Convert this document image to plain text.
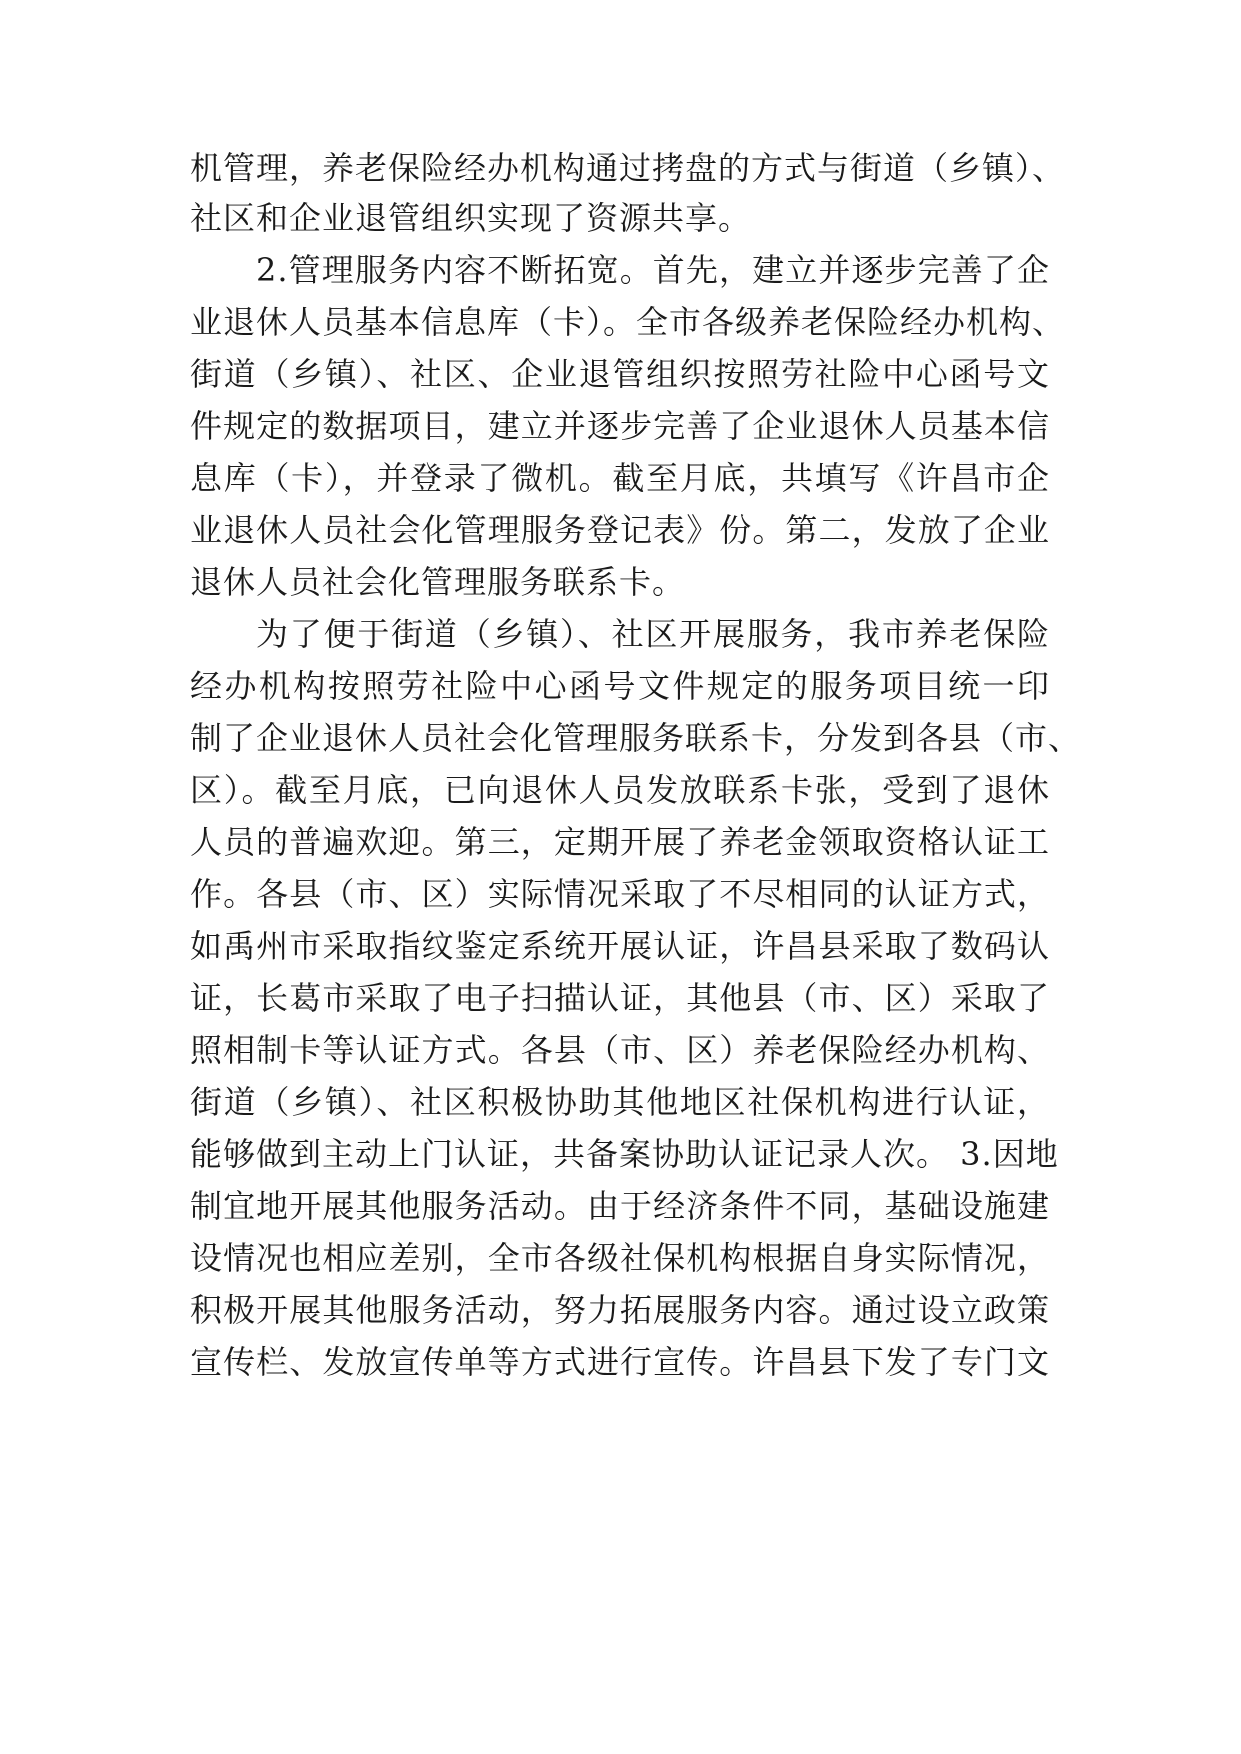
机管理，养老保险经办机构通过拷盘的方式与街道（乡镇）、
社区和企业退管组织实现了资源共享。
2.管理服务内容不断拓宽。首先，建立并逐步完善了企
业退休人员基本信息库（卡）。全市各级养老保险经办机构、
街道（乡镇）、社区、企业退管组织按照劳社险中心函号文
件规定的数据项目，建立并逐步完善了企业退休人员基本信
息库（卡），并登录了微机。截至月底，共填写《许昌市企
业退休人员社会化管理服务登记表》份。第二，发放了企业
退休人员社会化管理服务联系卡。
为了便于街道（乡镇）、社区开展服务，我市养老保险
经办机构按照劳社险中心函号文件规定的服务项目统一印
制了企业退休人员社会化管理服务联系卡，分发到各县（市、
区）。截至月底，已向退休人员发放联系卡张，受到了退休
人员的普遍欢迎。第三，定期开展了养老金领取资格认证工
作。各县（市、区）实际情况采取了不尽相同的认证方式，
如禹州市采取指纹鉴定系统开展认证，许昌县采取了数码认
证，长葛市采取了电子扫描认证，其他县（市、区）采取了
照相制卡等认证方式。各县（市、区）养老保险经办机构、
街道（乡镇）、社区积极协助其他地区社保机构进行认证，
能够做到主动上门认证，共备案协助认证记录人次。 3.因地
制宜地开展其他服务活动。由于经济条件不同，基础设施建
设情况也相应差别，全市各级社保机构根据自身实际情况，
积极开展其他服务活动，努力拓展服务内容。通过设立政策
宣传栏、发放宣传单等方式进行宣传。许昌县下发了专门文
